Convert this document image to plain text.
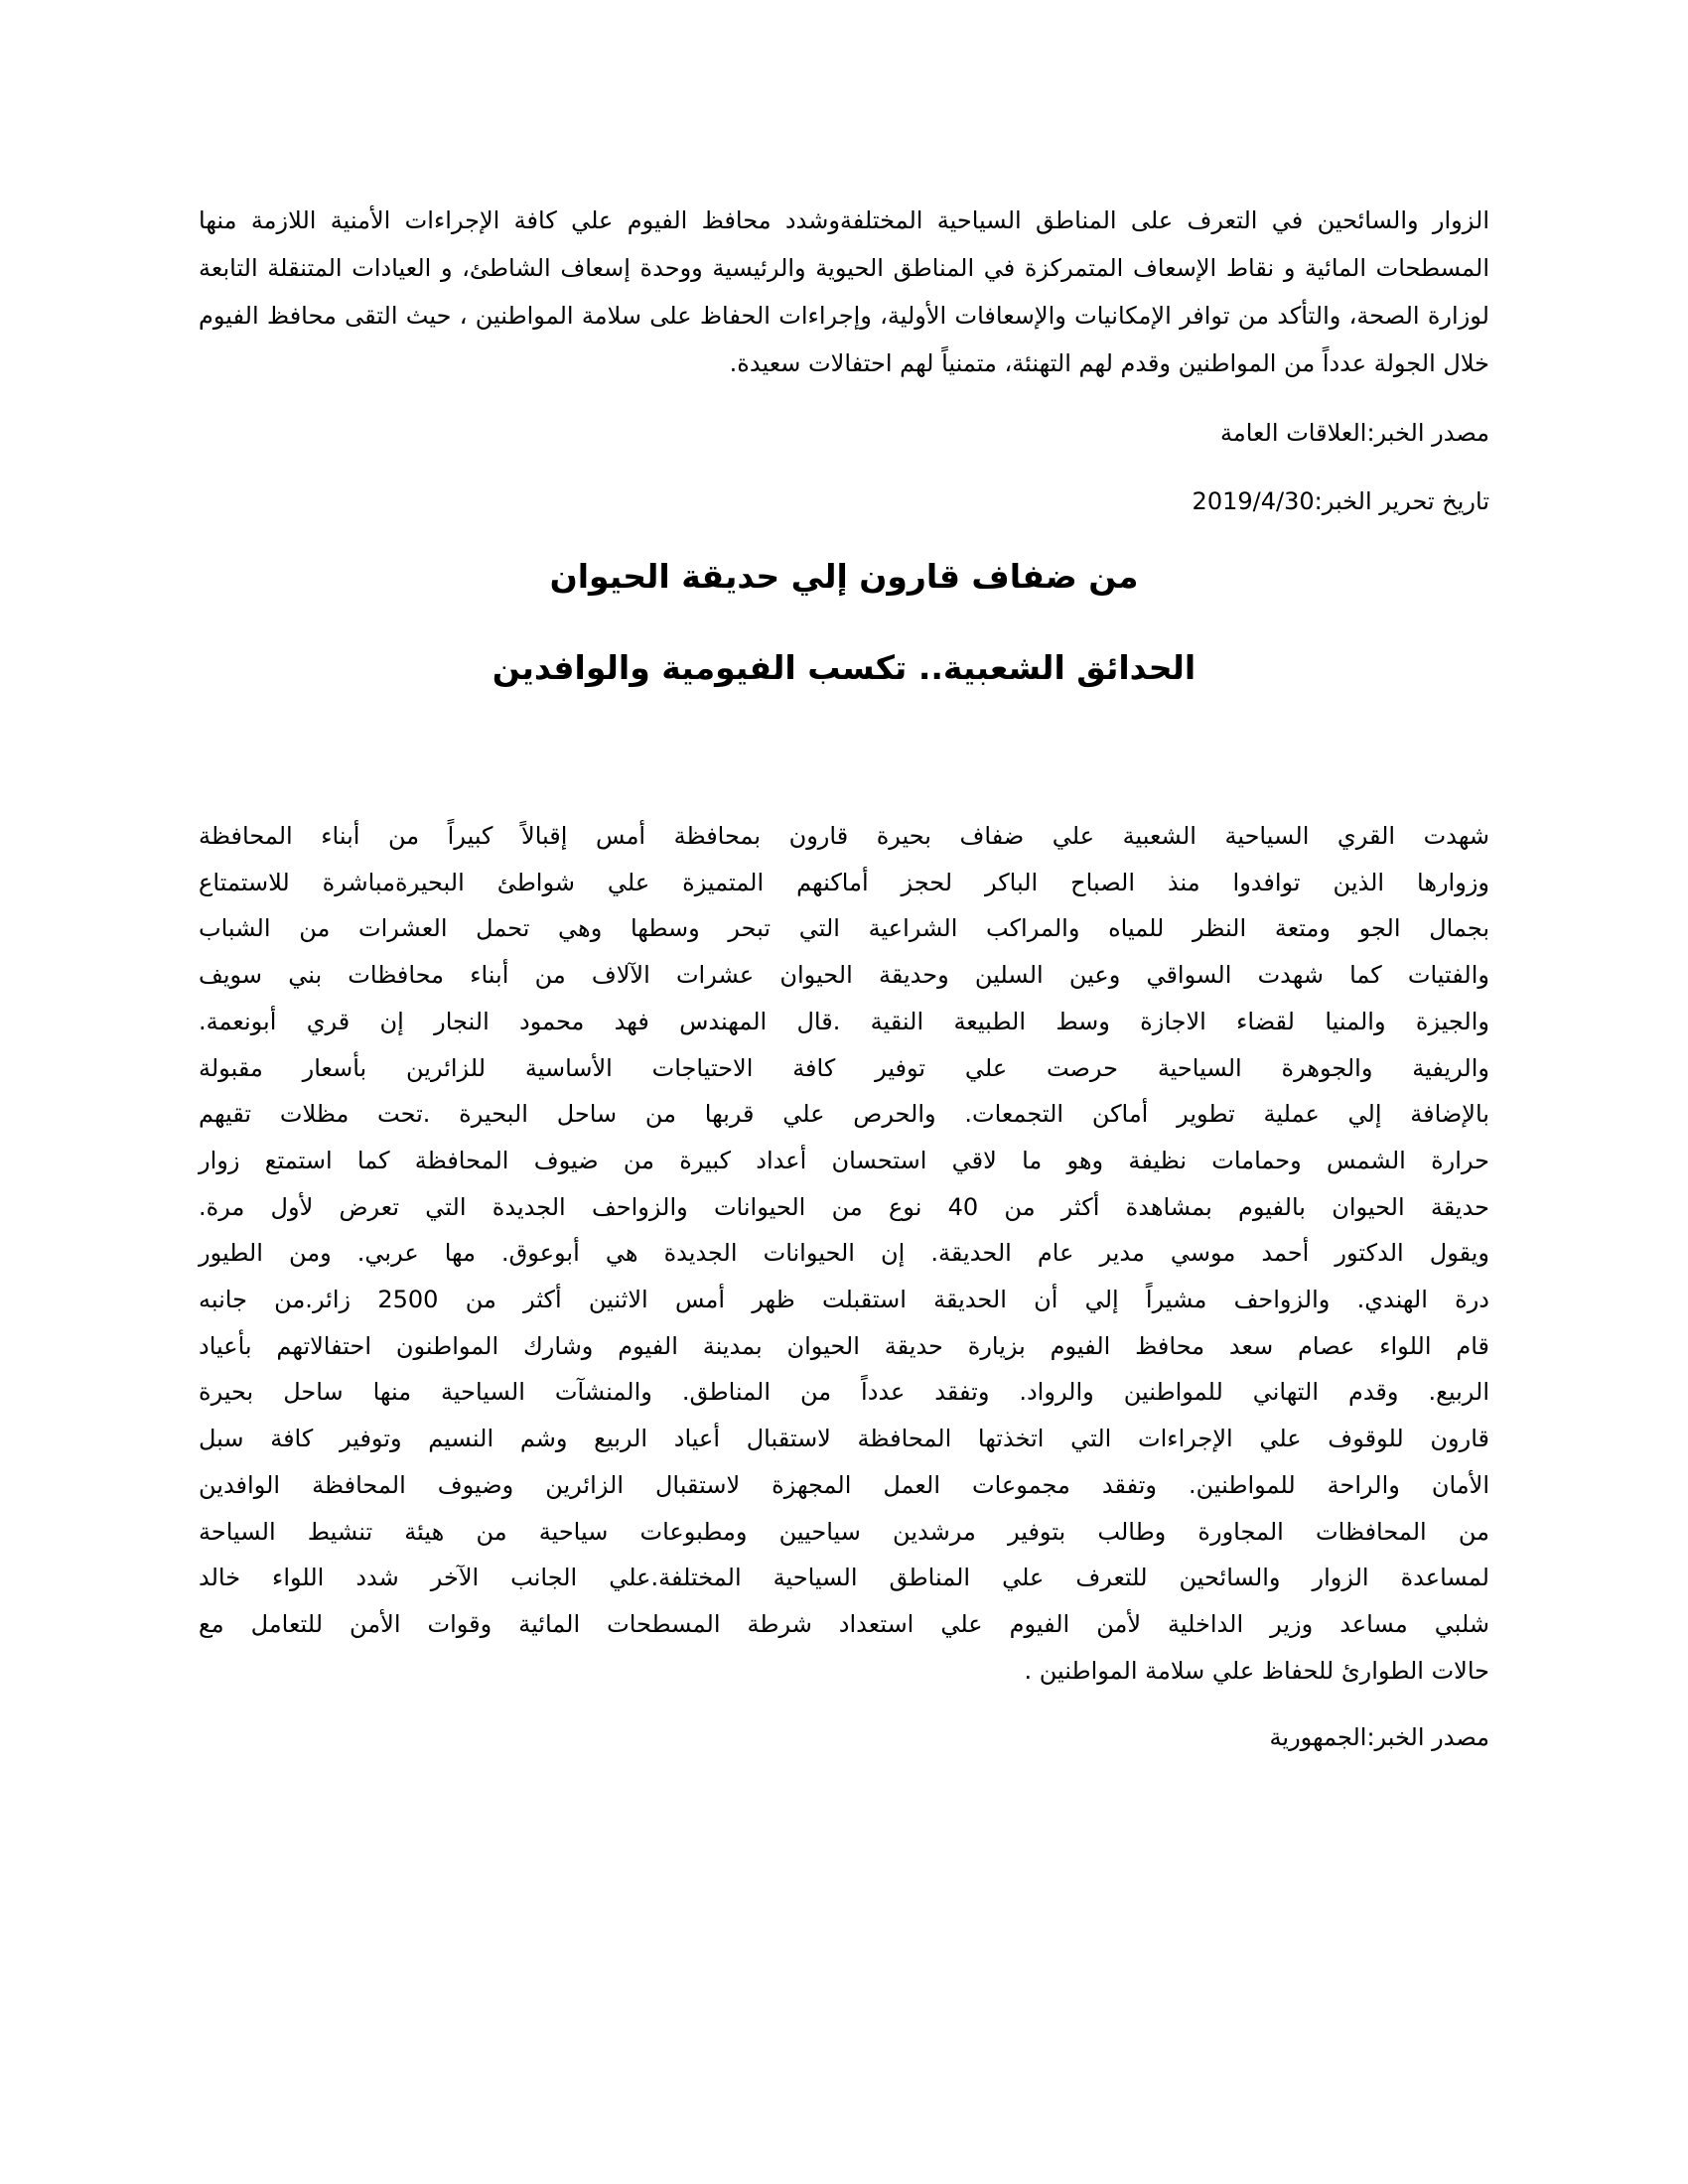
الزوار والسائحين في التعرف على المناطق السياحية المختلفةوشدد محافظ الفيوم علي كافة الإجراءات الأمنية اللازمة منها المسطحات المائية و نقاط الإسعاف المتمركزة في المناطق الحيوية والرئيسية ووحدة إسعاف الشاطئ، و العيادات المتنقلة التابعة لوزارة الصحة، والتأكد من توافر الإمكانيات والإسعافات الأولية، وإجراءات الحفاظ على سلامة المواطنين ، حيث التقى محافظ الفيوم خلال الجولة عدداً من المواطنين وقدم لهم التهنئة، متمنياً لهم احتفالات سعيدة.

مصدر الخبر:العلاقات العامة

تاريخ تحرير الخبر:2019/4/30

من ضفاف قارون إلي حديقة الحيوان
الحدائق الشعبية.. تكسب الفيومية والوافدين
شهدت القري السياحية الشعبية علي ضفاف بحيرة قارون بمحافظة أمس إقبالاً كبيراً من أبناء المحافظة
وزوارها الذين توافدوا منذ الصباح الباكر لحجز أماكنهم المتميزة علي شواطئ البحيرةمباشرة للاستمتاع
بجمال الجو ومتعة النظر للمياه والمراكب الشراعية التي تبحر وسطها وهي تحمل العشرات من الشباب
والفتيات كما شهدت السواقي وعين السلين وحديقة الحيوان عشرات الآلاف من أبناء محافظات بني سويف
والجيزة والمنيا لقضاء الاجازة وسط الطبيعة النقية .قال المهندس فهد محمود النجار إن قري أبونعمة.
والريفية والجوهرة السياحية حرصت علي توفير كافة الاحتياجات الأساسية للزائرين بأسعار مقبولة
بالإضافة إلي عملية تطوير أماكن التجمعات. والحرص علي قربها من ساحل البحيرة .تحت مظلات تقيهم
حرارة الشمس وحمامات نظيفة وهو ما لاقي استحسان أعداد كبيرة من ضيوف المحافظة كما استمتع زوار
حديقة الحيوان بالفيوم بمشاهدة أكثر من 40 نوع من الحيوانات والزواحف الجديدة التي تعرض لأول مرة.
ويقول الدكتور أحمد موسي مدير عام الحديقة. إن الحيوانات الجديدة هي أبوعوق. مها عربي. ومن الطيور
درة الهندي. والزواحف مشيراً إلي أن الحديقة استقبلت ظهر أمس الاثنين أكثر من 2500 زائر.من جانبه
قام اللواء عصام سعد محافظ الفيوم بزيارة حديقة الحيوان بمدينة الفيوم وشارك المواطنون احتفالاتهم بأعياد
الربيع. وقدم التهاني للمواطنين والرواد. وتفقد عدداً من المناطق. والمنشآت السياحية منها ساحل بحيرة
قارون للوقوف علي الإجراءات التي اتخذتها المحافظة لاستقبال أعياد الربيع وشم النسيم وتوفير كافة سبل
الأمان والراحة للمواطنين. وتفقد مجموعات العمل المجهزة لاستقبال الزائرين وضيوف المحافظة الوافدين
من المحافظات المجاورة وطالب بتوفير مرشدين سياحيين ومطبوعات سياحية من هيئة تنشيط السياحة
لمساعدة الزوار والسائحين للتعرف علي المناطق السياحية المختلفة.علي الجانب الآخر شدد اللواء خالد
شلبي مساعد وزير الداخلية لأمن الفيوم علي استعداد شرطة المسطحات المائية وقوات الأمن للتعامل مع
حالات الطوارئ للحفاظ علي سلامة المواطنين .

مصدر الخبر:الجمهورية
